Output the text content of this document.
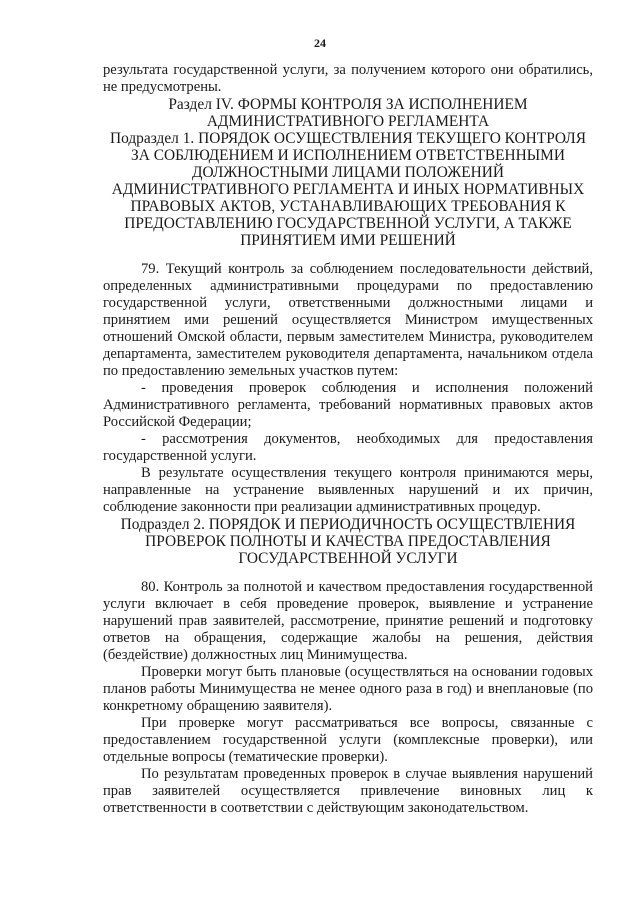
24

результата государственной услуги, за получением которого они обратились, не предусмотрены.

Раздел IV. ФОРМЫ КОНТРОЛЯ ЗА ИСПОЛНЕНИЕМ АДМИНИСТРАТИВНОГО РЕГЛАМЕНТА

Подраздел 1. ПОРЯДОК ОСУЩЕСТВЛЕНИЯ ТЕКУЩЕГО КОНТРОЛЯ ЗА СОБЛЮДЕНИЕМ И ИСПОЛНЕНИЕМ ОТВЕТСТВЕННЫМИ ДОЛЖНОСТНЫМИ ЛИЦАМИ ПОЛОЖЕНИЙ АДМИНИСТРАТИВНОГО РЕГЛАМЕНТА И ИНЫХ НОРМАТИВНЫХ ПРАВОВЫХ АКТОВ, УСТАНАВЛИВАЮЩИХ ТРЕБОВАНИЯ К ПРЕДОСТАВЛЕНИЮ ГОСУДАРСТВЕННОЙ УСЛУГИ, А ТАКЖЕ ПРИНЯТИЕМ ИМИ РЕШЕНИЙ

79. Текущий контроль за соблюдением последовательности действий, определенных административными процедурами по предоставлению государственной услуги, ответственными должностными лицами и принятием ими решений осуществляется Министром имущественных отношений Омской области, первым заместителем Министра, руководителем департамента, заместителем руководителя департамента, начальником отдела по предоставлению земельных участков путем:

- проведения проверок соблюдения и исполнения положений Административного регламента, требований нормативных правовых актов Российской Федерации;

- рассмотрения документов, необходимых для предоставления государственной услуги.

В результате осуществления текущего контроля принимаются меры, направленные на устранение выявленных нарушений и их причин, соблюдение законности при реализации административных процедур.

Подраздел 2. ПОРЯДОК И ПЕРИОДИЧНОСТЬ ОСУЩЕСТВЛЕНИЯ ПРОВЕРОК ПОЛНОТЫ И КАЧЕСТВА ПРЕДОСТАВЛЕНИЯ ГОСУДАРСТВЕННОЙ УСЛУГИ

80. Контроль за полнотой и качеством предоставления государственной услуги включает в себя проведение проверок, выявление и устранение нарушений прав заявителей, рассмотрение, принятие решений и подготовку ответов на обращения, содержащие жалобы на решения, действия (бездействие) должностных лиц Минимущества.

Проверки могут быть плановые (осуществляться на основании годовых планов работы Минимущества не менее одного раза в год) и внеплановые (по конкретному обращению заявителя).

При проверке могут рассматриваться все вопросы, связанные с предоставлением государственной услуги (комплексные проверки), или отдельные вопросы (тематические проверки).

По результатам проведенных проверок в случае выявления нарушений прав заявителей осуществляется привлечение виновных лиц к ответственности в соответствии с действующим законодательством.
